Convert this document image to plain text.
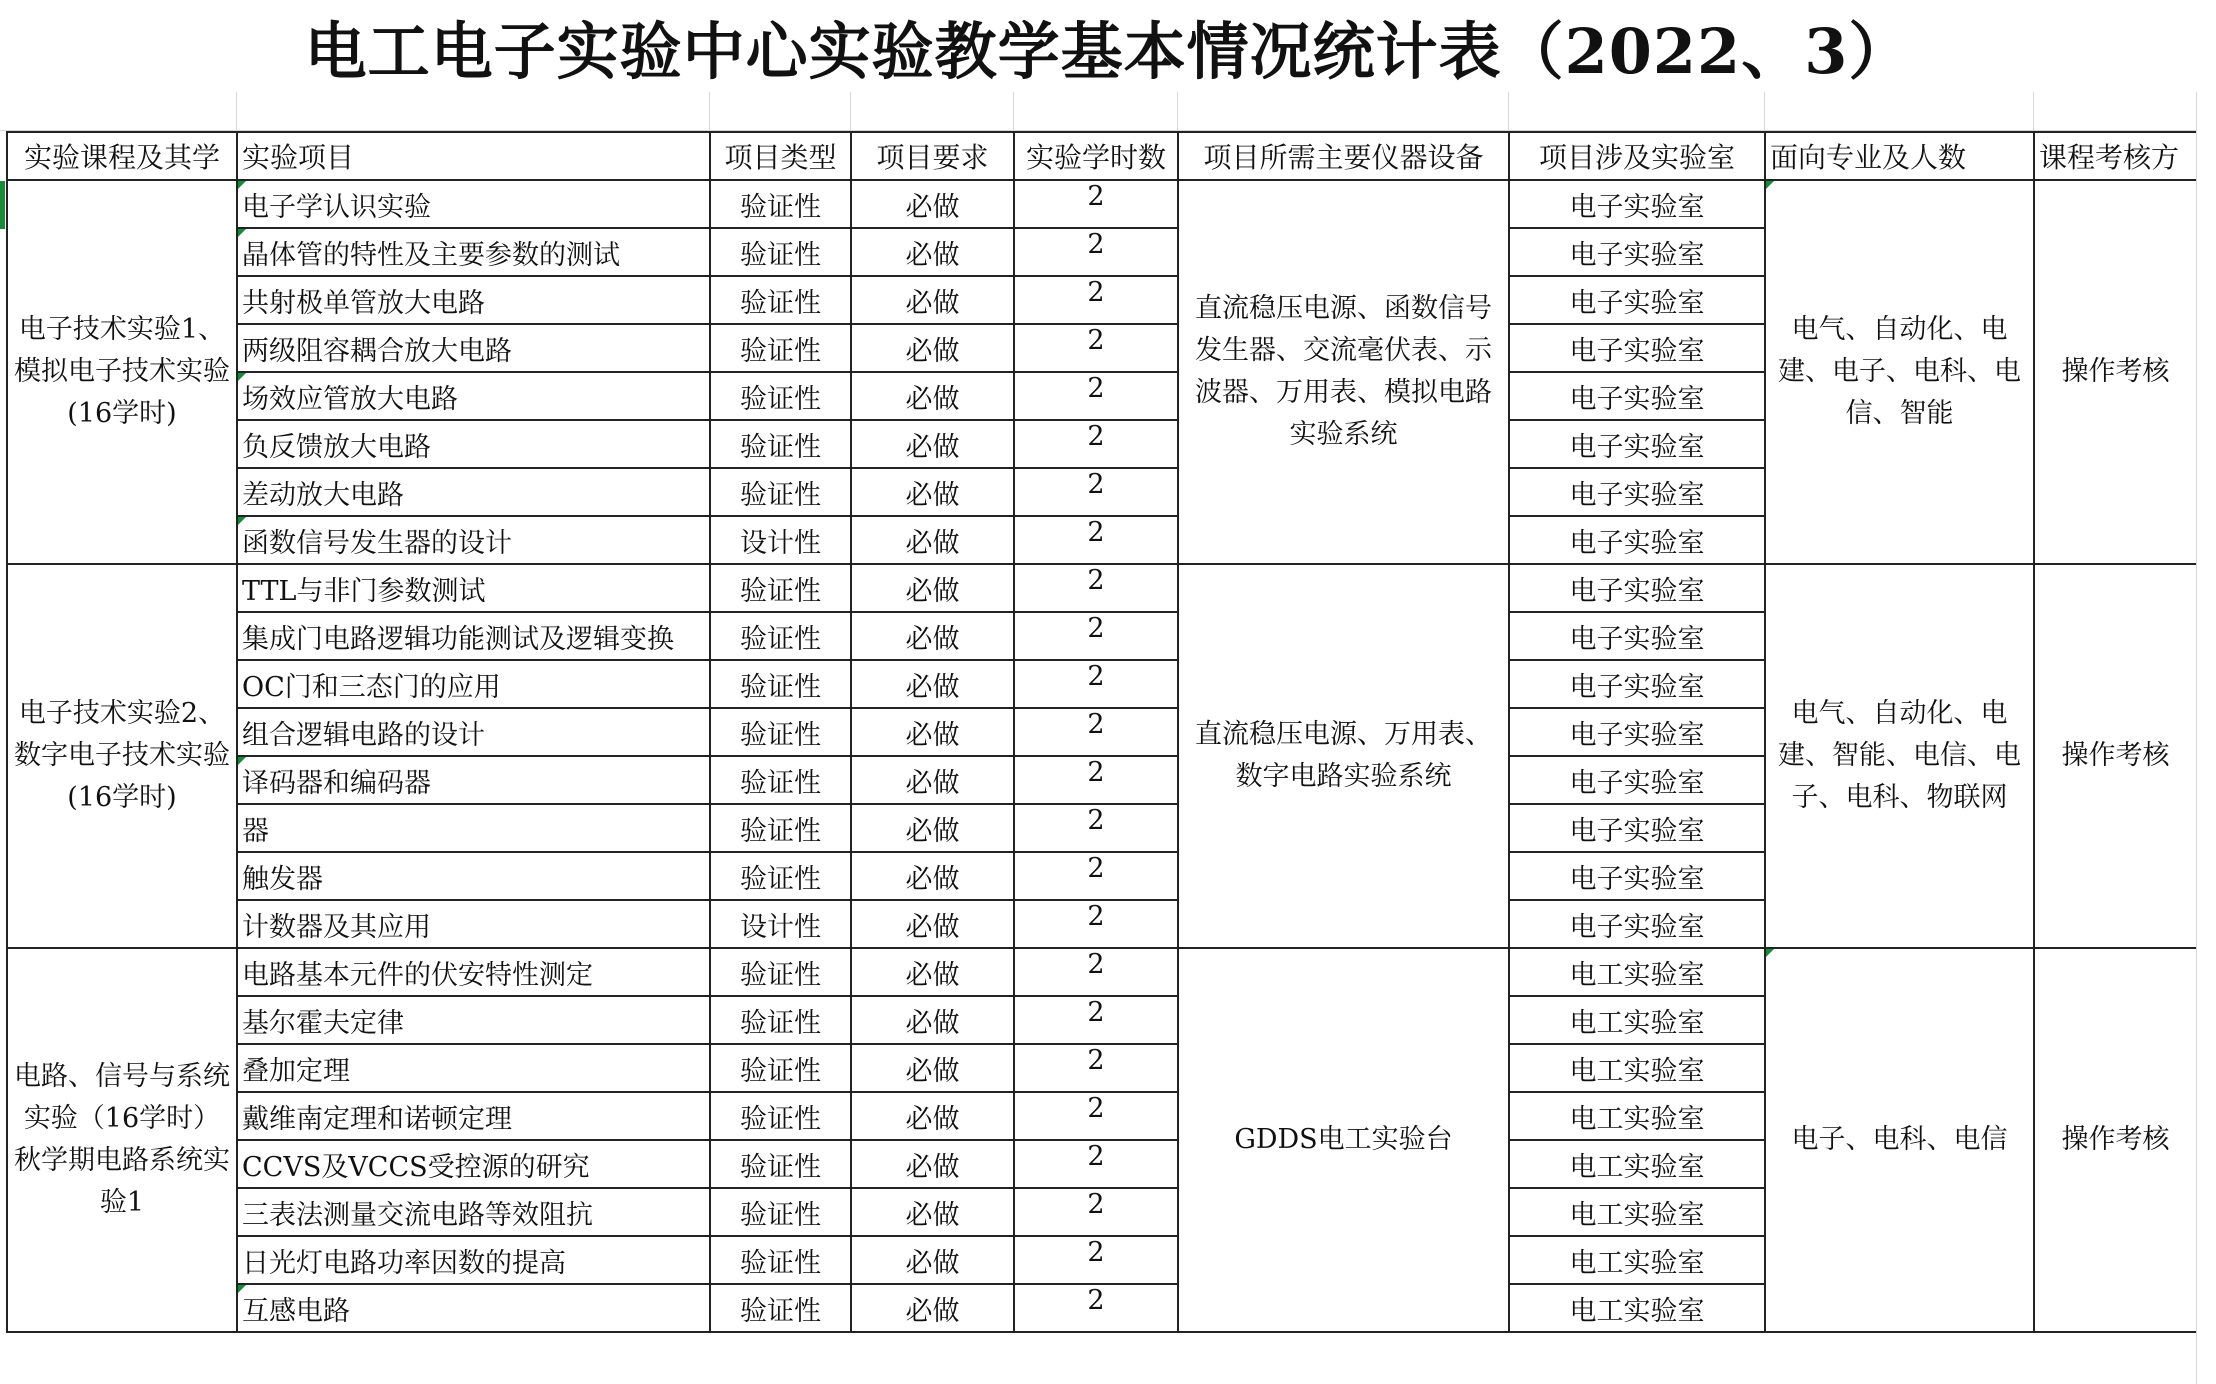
电工电子实验中心实验教学基本情况统计表（2022、3）
实验课程及其学	实验项目	项目类型	项目要求	实验学时数	项目所需主要仪器设备	项目涉及实验室	面向专业及人数	课程考核方
电子技术实验1、模拟电子技术实验(16学时)	电子学认识实验	验证性	必做	2	直流稳压电源、函数信号发生器、交流毫伏表、示波器、万用表、模拟电路实验系统	电子实验室	电气、自动化、电建、电子、电科、电信、智能	操作考核
	晶体管的特性及主要参数的测试	验证性	必做	2		电子实验室		
	共射极单管放大电路	验证性	必做	2		电子实验室		
	两级阻容耦合放大电路	验证性	必做	2		电子实验室		
	场效应管放大电路	验证性	必做	2		电子实验室		
	负反馈放大电路	验证性	必做	2		电子实验室		
	差动放大电路	验证性	必做	2		电子实验室		
	函数信号发生器的设计	设计性	必做	2		电子实验室		
电子技术实验2、数字电子技术实验 (16学时)	TTL与非门参数测试	验证性	必做	2	直流稳压电源、万用表、数字电路实验系统	电子实验室	电气、自动化、电建、智能、电信、电子、电科、物联网	操作考核
	集成门电路逻辑功能测试及逻辑变换	验证性	必做	2		电子实验室		
	OC门和三态门的应用	验证性	必做	2		电子实验室		
	组合逻辑电路的设计	验证性	必做	2		电子实验室		
	译码器和编码器	验证性	必做	2		电子实验室		
	器	验证性	必做	2		电子实验室		
	触发器	验证性	必做	2		电子实验室		
	计数器及其应用	设计性	必做	2		电子实验室		
电路、信号与系统实验（16学时） 秋学期电路系统实验1	电路基本元件的伏安特性测定	验证性	必做	2	GDDS电工实验台	电工实验室	电子、电科、电信	操作考核
	基尔霍夫定律	验证性	必做	2		电工实验室		
	叠加定理	验证性	必做	2		电工实验室		
	戴维南定理和诺顿定理	验证性	必做	2		电工实验室		
	CCVS及VCCS受控源的研究	验证性	必做	2		电工实验室		
	三表法测量交流电路等效阻抗	验证性	必做	2		电工实验室		
	日光灯电路功率因数的提高	验证性	必做	2		电工实验室		
	互感电路	验证性	必做	2		电工实验室		
